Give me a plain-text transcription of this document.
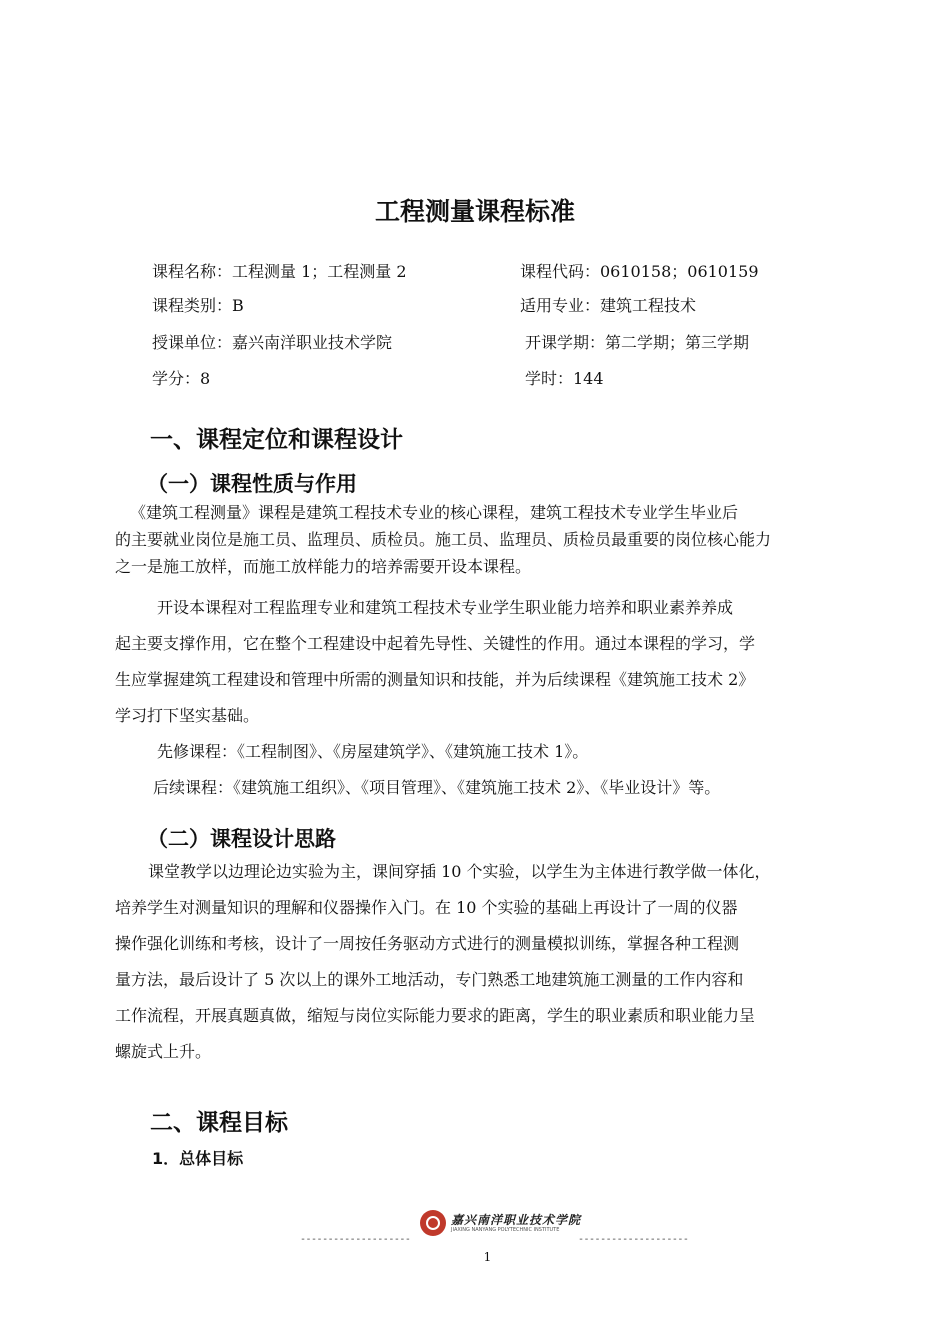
工程测量课程标准
课程名称：工程测量 1；工程测量 2	课程代码：0610158；0610159
课程类别：B	适用专业：建筑工程技术
授课单位：嘉兴南洋职业技术学院	开课学期：第二学期；第三学期
学分：8	学时：144
一、课程定位和课程设计
（一）课程性质与作用
《建筑工程测量》课程是建筑工程技术专业的核心课程，建筑工程技术专业学生毕业后
的主要就业岗位是施工员、监理员、质检员。施工员、监理员、质检员最重要的岗位核心能力
之一是施工放样，而施工放样能力的培养需要开设本课程。
开设本课程对工程监理专业和建筑工程技术专业学生职业能力培养和职业素养养成
起主要支撑作用，它在整个工程建设中起着先导性、关键性的作用。通过本课程的学习，学
生应掌握建筑工程建设和管理中所需的测量知识和技能，并为后续课程《建筑施工技术 2》
学习打下坚实基础。
先修课程：《工程制图》、《房屋建筑学》、《建筑施工技术 1》。
后续课程：《建筑施工组织》、《项目管理》、《建筑施工技术 2》、《毕业设计》等。
（二）课程设计思路
课堂教学以边理论边实验为主，课间穿插 10 个实验，以学生为主体进行教学做一体化，
培养学生对测量知识的理解和仪器操作入门。在 10 个实验的基础上再设计了一周的仪器
操作强化训练和考核，设计了一周按任务驱动方式进行的测量模拟训练，掌握各种工程测
量方法，最后设计了 5 次以上的课外工地活动，专门熟悉工地建筑施工测量的工作内容和
工作流程，开展真题真做，缩短与岗位实际能力要求的距离，学生的职业素质和职业能力呈
螺旋式上升。
二、课程目标
1．总体目标
嘉兴南洋职业技术学院
JIAXING NANYANG POLYTECHNIC INSTITUTE
--------------------	--------------------
1
